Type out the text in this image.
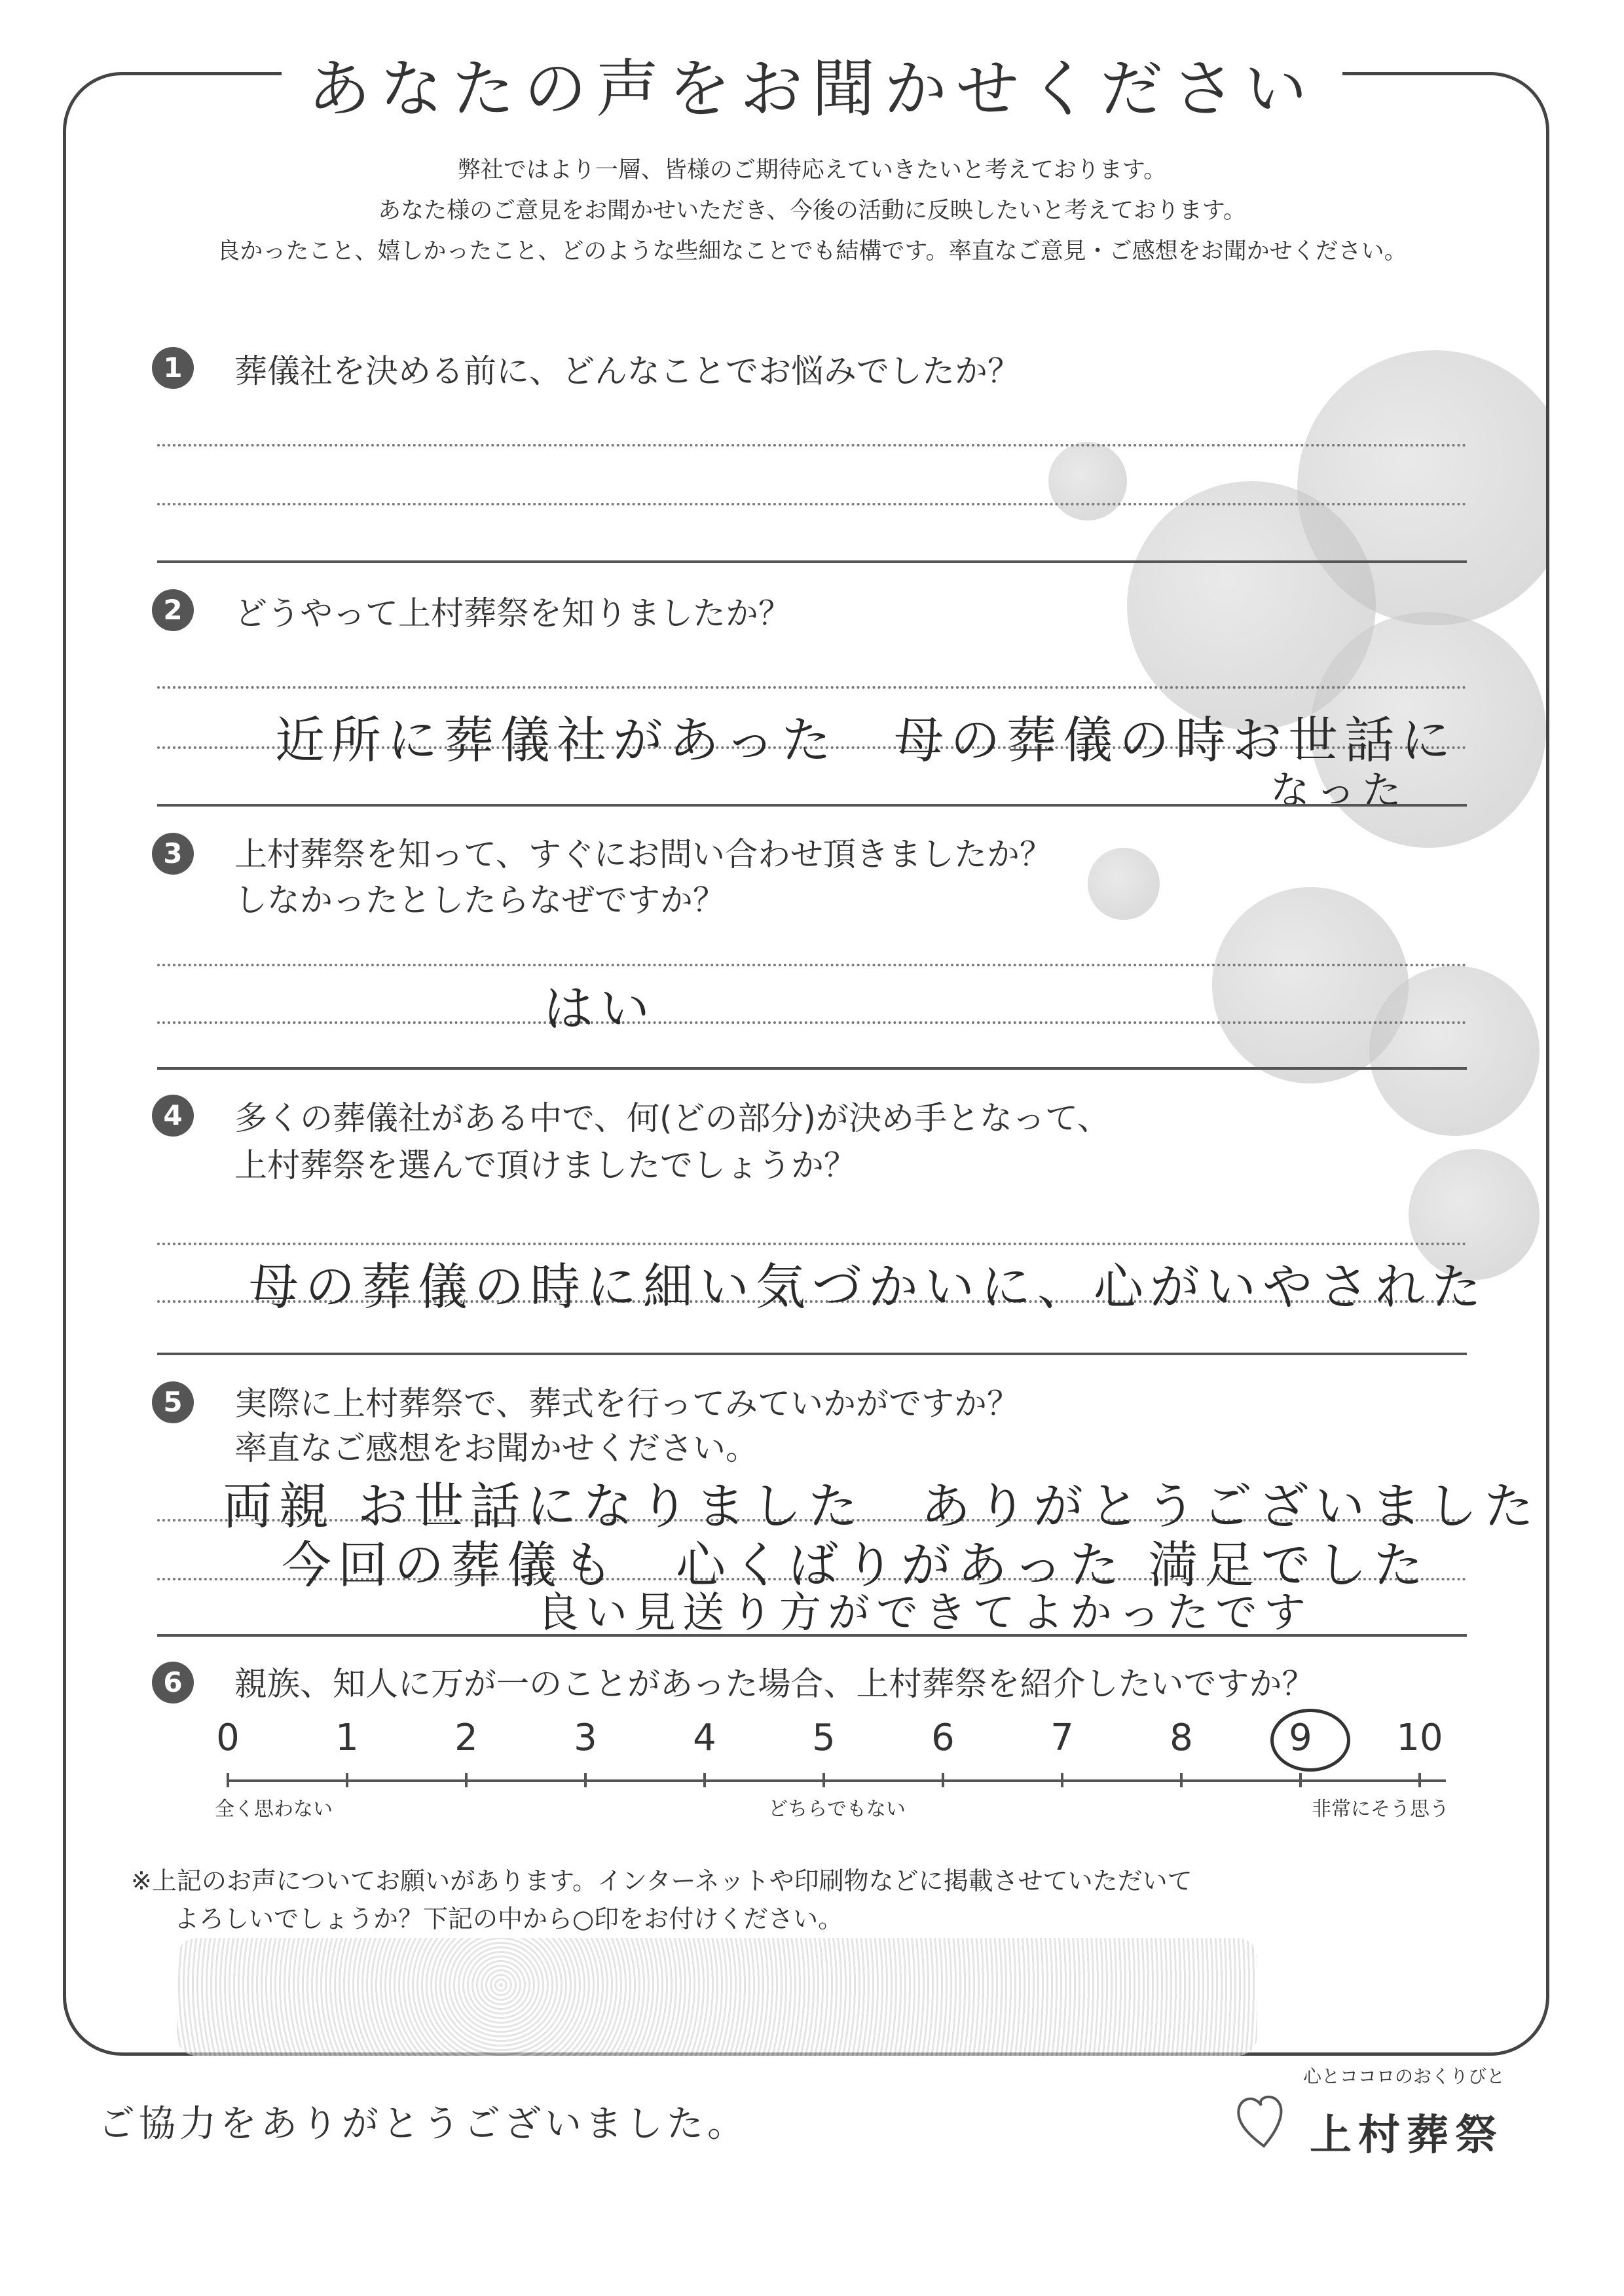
あなたの声をお聞かせください
弊社ではより一層、皆様のご期待応えていきたいと考えております。
あなた様のご意見をお聞かせいただき、今後の活動に反映したいと考えております。
良かったこと、嬉しかったこと、どのような些細なことでも結構です。率直なご意見・ご感想をお聞かせください。
1	葬儀社を決める前に、どんなことでお悩みでしたか？
2	どうやって上村葬祭を知りましたか？
近所に葬儀社があった　母の葬儀の時お世話に
なった
3	上村葬祭を知って、すぐにお問い合わせ頂きましたか？
しなかったとしたらなぜですか？
はい
4	多くの葬儀社がある中で、何(どの部分)が決め手となって、
上村葬祭を選んで頂けましたでしょうか？
母の葬儀の時に細い気づかいに、心がいやされた
5	実際に上村葬祭で、葬式を行ってみていかがですか？
率直なご感想をお聞かせください。
両親 お世話になりました　ありがとうございました
今回の葬儀も　心くばりがあった 満足でした
良い見送り方ができてよかったです
6	親族、知人に万が一のことがあった場合、上村葬祭を紹介したいですか？
0	1	2	3	4	5	6	7	8	9 10
全く思わない	どちらでもない	非常にそう思う
※上記のお声についてお願いがあります。インターネットや印刷物などに掲載させていただいて
よろしいでしょうか？下記の中から○印をお付けください。
ご協力をありがとうございました。
心とココロのおくりびと
上村葬祭
